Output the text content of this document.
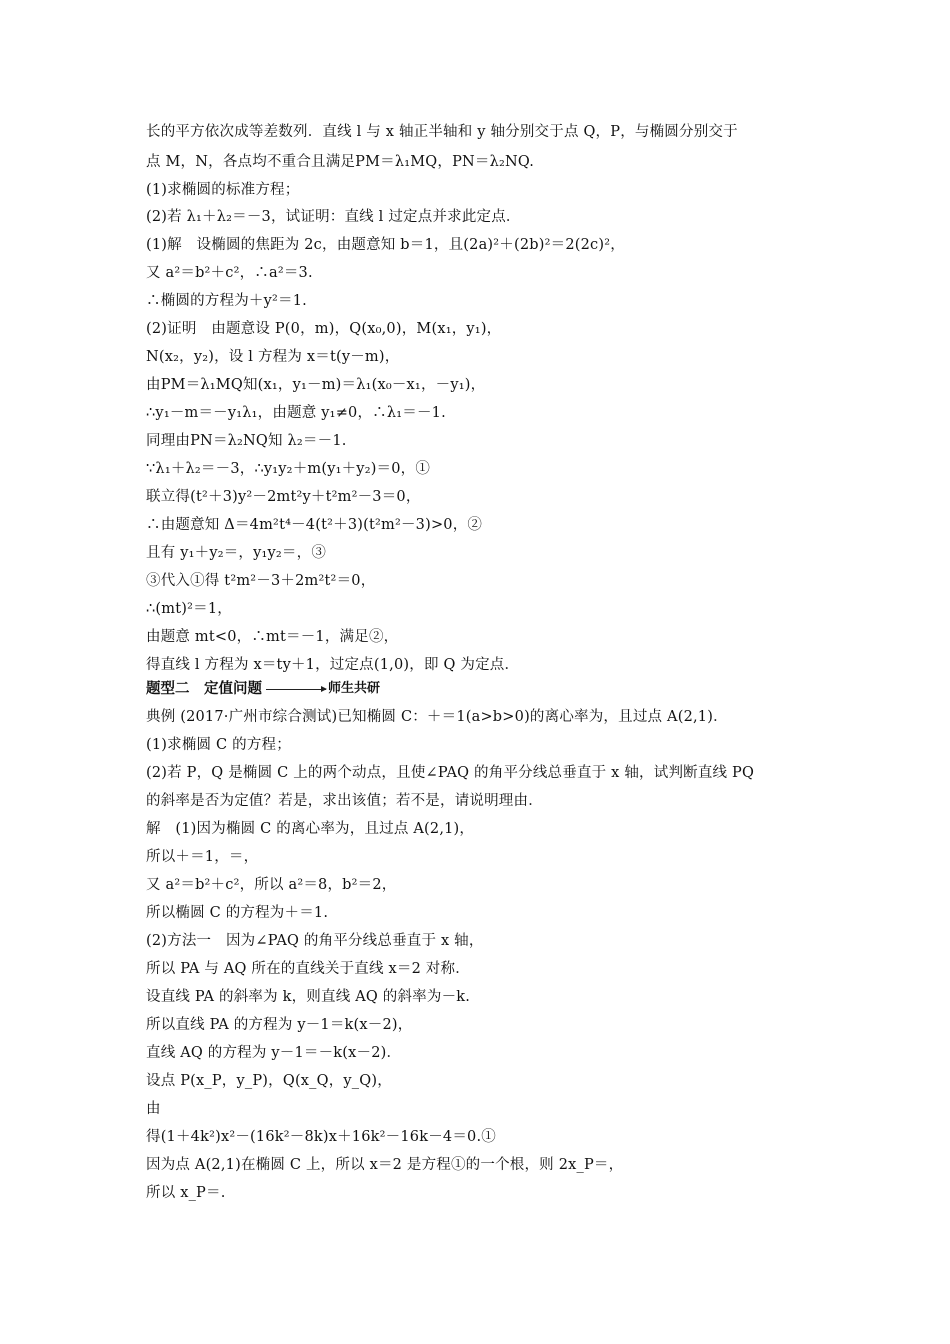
长的平方依次成等差数列．直线 l 与 x 轴正半轴和 y 轴分别交于点 Q，P，与椭圆分别交于
点 M，N，各点均不重合且满足PM＝λ₁MQ，PN＝λ₂NQ.
(1)求椭圆的标准方程；
(2)若 λ₁＋λ₂＝－3，试证明：直线 l 过定点并求此定点．
(1)解　设椭圆的焦距为 2c，由题意知 b＝1，且(2a)²＋(2b)²＝2(2c)²，
又 a²＝b²＋c²，∴a²＝3.
∴椭圆的方程为＋y²＝1.
(2)证明　由题意设 P(0，m)，Q(x₀,0)，M(x₁，y₁)，
N(x₂，y₂)，设 l 方程为 x＝t(y－m)，
由PM＝λ₁MQ知(x₁，y₁－m)＝λ₁(x₀－x₁，－y₁)，
∴y₁－m＝－y₁λ₁，由题意 y₁≠0，∴λ₁＝－1.
同理由PN＝λ₂NQ知 λ₂＝－1.
∵λ₁＋λ₂＝－3，∴y₁y₂＋m(y₁＋y₂)＝0，①
联立得(t²＋3)y²－2mt²y＋t²m²－3＝0，
∴由题意知 Δ＝4m²t⁴－4(t²＋3)(t²m²－3)>0，②
且有 y₁＋y₂＝，y₁y₂＝，③
③代入①得 t²m²－3＋2m²t²＝0，
∴(mt)²＝1，
由题意 mt<0，∴mt＝－1，满足②，
得直线 l 方程为 x＝ty＋1，过定点(1,0)，即 Q 为定点．
题型二　定值问题	师生共研
典例 (2017·广州市综合测试)已知椭圆 C：＋＝1(a>b>0)的离心率为，且过点 A(2,1)．
(1)求椭圆 C 的方程；
(2)若 P，Q 是椭圆 C 上的两个动点，且使∠PAQ 的角平分线总垂直于 x 轴，试判断直线 PQ
的斜率是否为定值？若是，求出该值；若不是，请说明理由．
解　(1)因为椭圆 C 的离心率为，且过点 A(2,1)，
所以＋＝1，＝，
又 a²＝b²＋c²，所以 a²＝8，b²＝2，
所以椭圆 C 的方程为＋＝1.
(2)方法一　因为∠PAQ 的角平分线总垂直于 x 轴，
所以 PA 与 AQ 所在的直线关于直线 x＝2 对称．
设直线 PA 的斜率为 k，则直线 AQ 的斜率为－k.
所以直线 PA 的方程为 y－1＝k(x－2)，
直线 AQ 的方程为 y－1＝－k(x－2)．
设点 P(x_P，y_P)，Q(x_Q，y_Q)，
由
得(1＋4k²)x²－(16k²－8k)x＋16k²－16k－4＝0.①
因为点 A(2,1)在椭圆 C 上，所以 x＝2 是方程①的一个根，则 2x_P＝，
所以 x_P＝.
